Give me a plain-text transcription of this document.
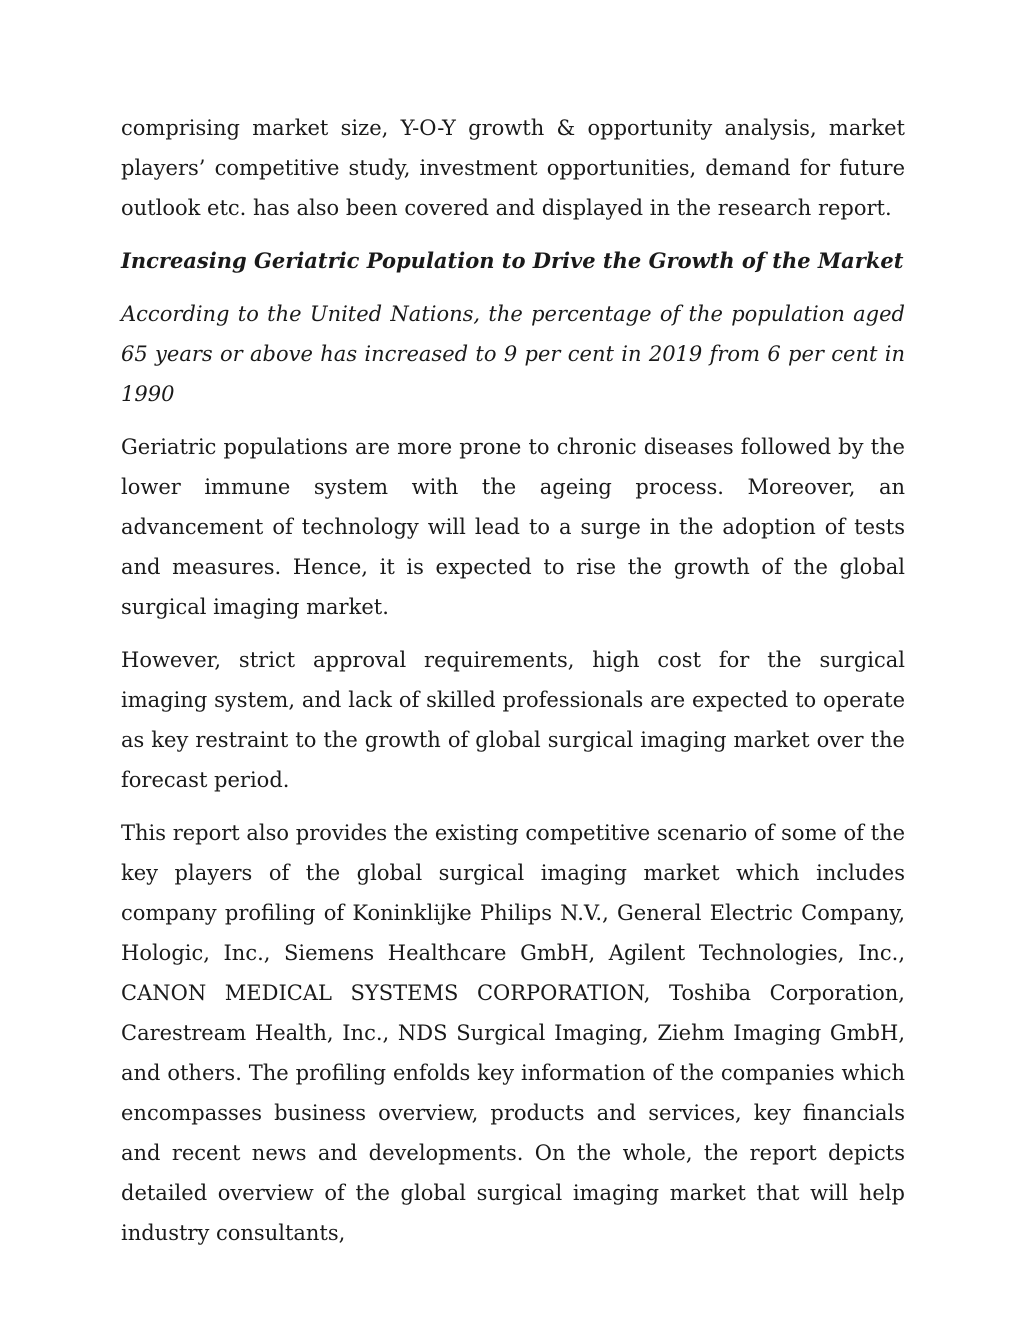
comprising market size, Y-O-Y growth & opportunity analysis, market players’ competitive study, investment opportunities, demand for future outlook etc. has also been covered and displayed in the research report.

Increasing Geriatric Population to Drive the Growth of the Market

According to the United Nations, the percentage of the population aged 65 years or above has increased to 9 per cent in 2019 from 6 per cent in 1990

Geriatric populations are more prone to chronic diseases followed by the lower immune system with the ageing process. Moreover, an advancement of technology will lead to a surge in the adoption of tests and measures. Hence, it is expected to rise the growth of the global surgical imaging market.

However, strict approval requirements, high cost for the surgical imaging system, and lack of skilled professionals are expected to operate as key restraint to the growth of global surgical imaging market over the forecast period.

This report also provides the existing competitive scenario of some of the key players of the global surgical imaging market which includes company profiling of Koninklijke Philips N.V., General Electric Company, Hologic, Inc., Siemens Healthcare GmbH, Agilent Technologies, Inc., CANON MEDICAL SYSTEMS CORPORATION, Toshiba Corporation, Carestream Health, Inc., NDS Surgical Imaging, Ziehm Imaging GmbH, and others. The profiling enfolds key information of the companies which encompasses business overview, products and services, key financials and recent news and developments. On the whole, the report depicts detailed overview of the global surgical imaging market that will help industry consultants,
